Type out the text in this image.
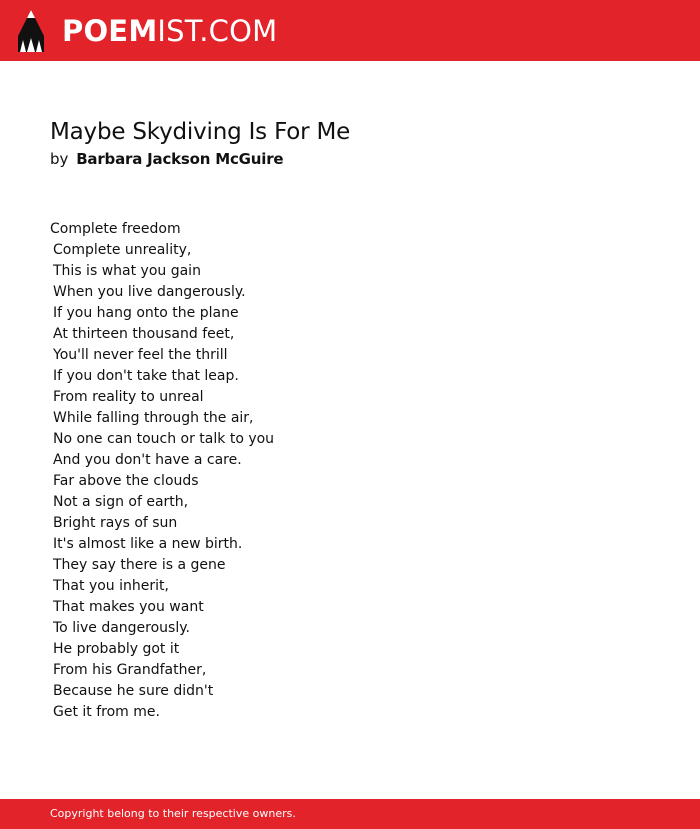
POEMIST.COM
Maybe Skydiving Is For Me
by Barbara Jackson McGuire
Complete freedom
Complete unreality,
This is what you gain
When you live dangerously.
If you hang onto the plane
At thirteen thousand feet,
You'll never feel the thrill
If you don't take that leap.
From reality to unreal
While falling through the air,
No one can touch or talk to you
And you don't have a care.
Far above the clouds
Not a sign of earth,
Bright rays of sun
It's almost like a new birth.
They say there is a gene
That you inherit,
That makes you want
To live dangerously.
He probably got it
From his Grandfather,
Because he sure didn't
Get it from me.
Copyright belong to their respective owners.
